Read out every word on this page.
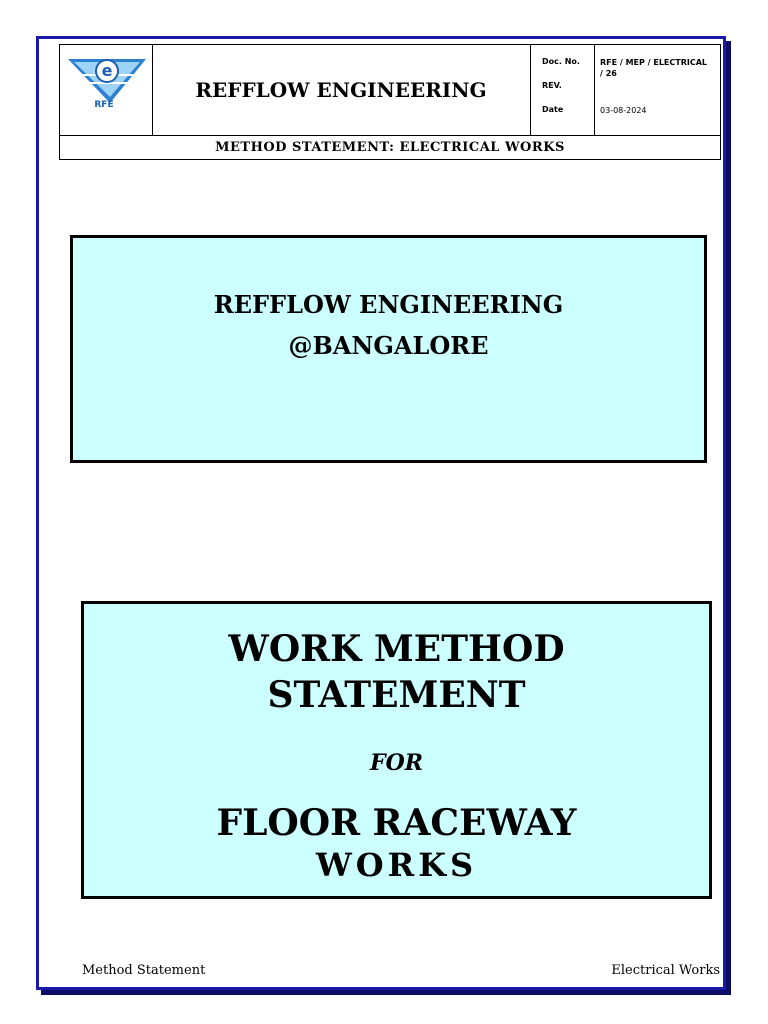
e
RFE
REFFLOW ENGINEERING
Doc. No.
REV.
Date
RFE / MEP / ELECTRICAL / 26
03-08-2024
METHOD STATEMENT: ELECTRICAL WORKS
REFFLOW ENGINEERING
@BANGALORE
WORK METHOD
STATEMENT
FOR
FLOOR RACEWAY
WORKS
Method Statement	Electrical Works
